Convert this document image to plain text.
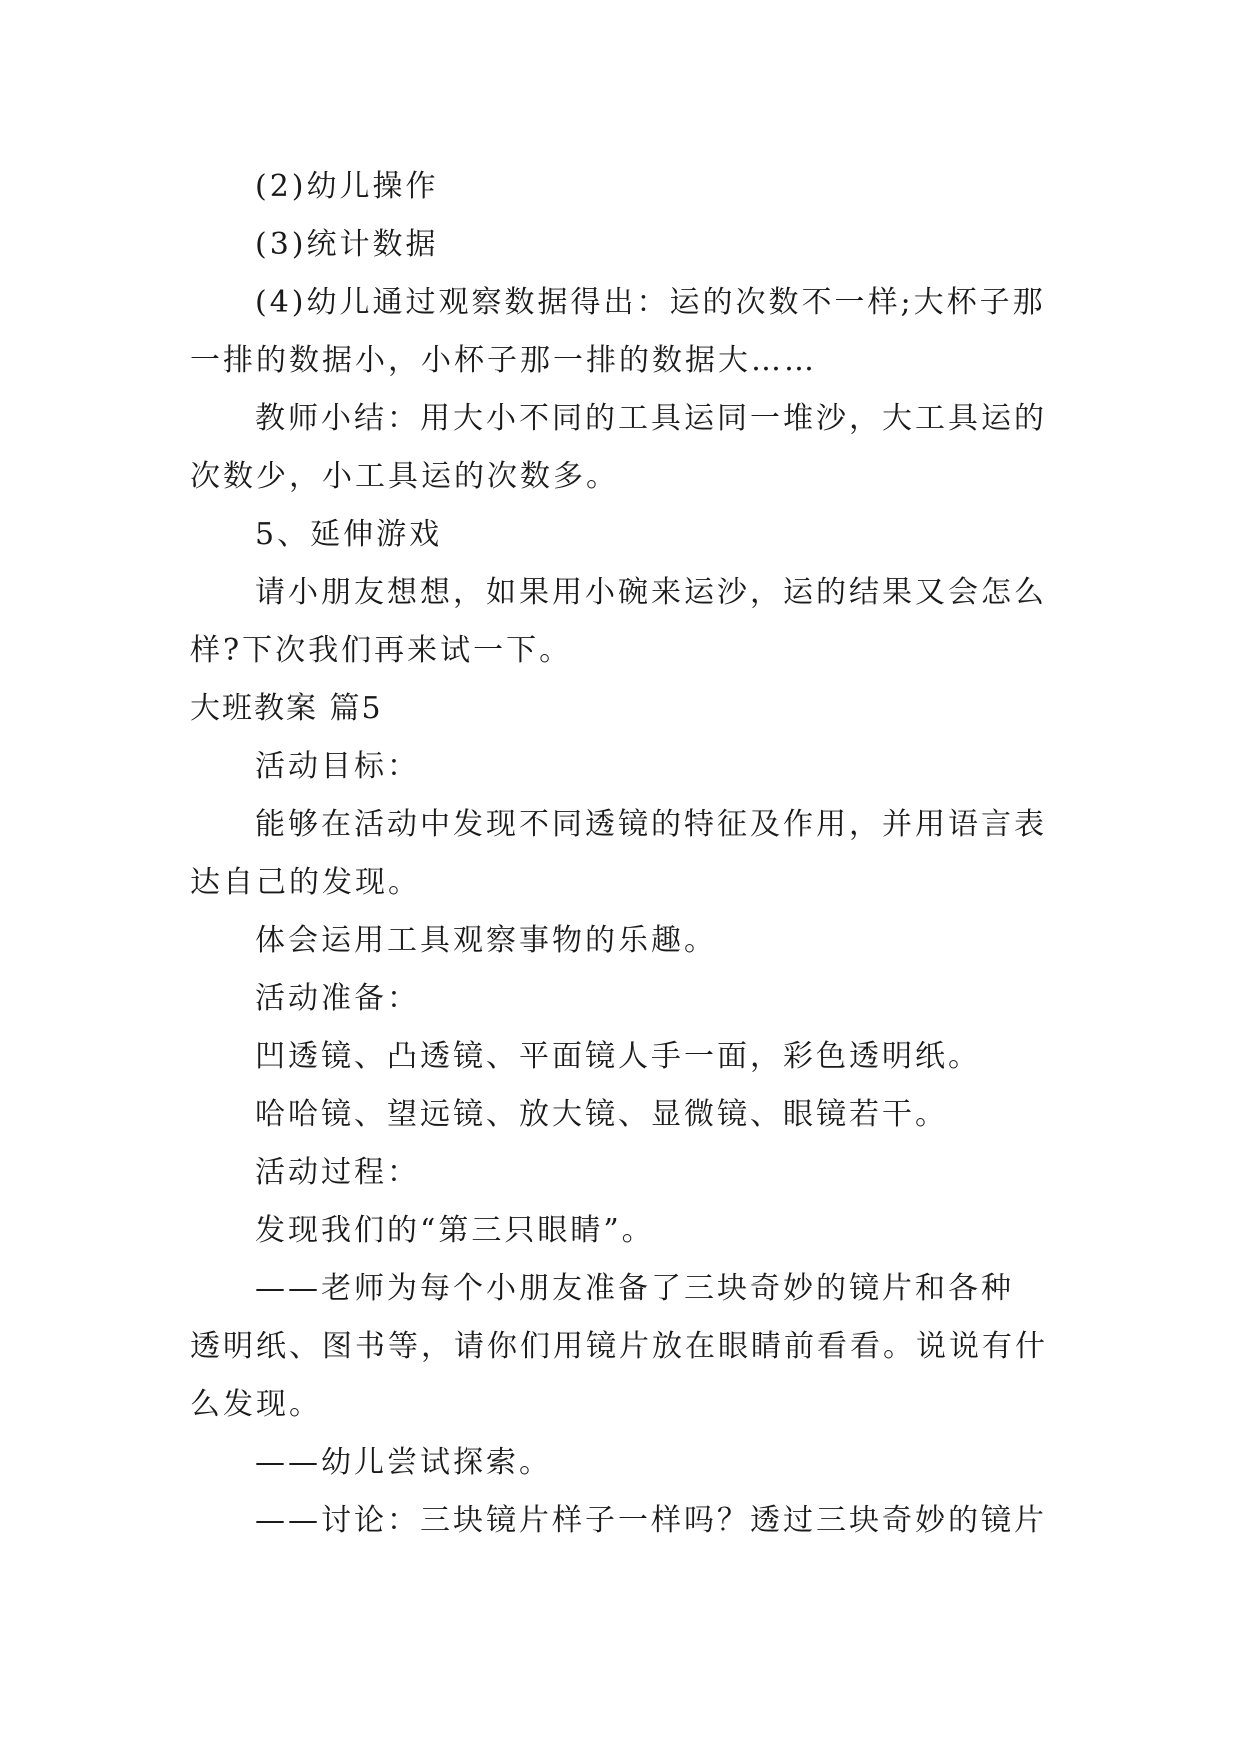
(2)幼儿操作
(3)统计数据
(4)幼儿通过观察数据得出：运的次数不一样;大杯子那
一排的数据小，小杯子那一排的数据大……
教师小结：用大小不同的工具运同一堆沙，大工具运的
次数少，小工具运的次数多。
5、延伸游戏
请小朋友想想，如果用小碗来运沙，运的结果又会怎么
样?下次我们再来试一下。
大班教案 篇5
活动目标：
能够在活动中发现不同透镜的特征及作用，并用语言表
达自己的发现。
体会运用工具观察事物的乐趣。
活动准备：
凹透镜、凸透镜、平面镜人手一面，彩色透明纸。
哈哈镜、望远镜、放大镜、显微镜、眼镜若干。
活动过程：
发现我们的“第三只眼睛”。
——老师为每个小朋友准备了三块奇妙的镜片和各种
透明纸、图书等，请你们用镜片放在眼睛前看看。说说有什
么发现。
——幼儿尝试探索。
——讨论：三块镜片样子一样吗？透过三块奇妙的镜片
